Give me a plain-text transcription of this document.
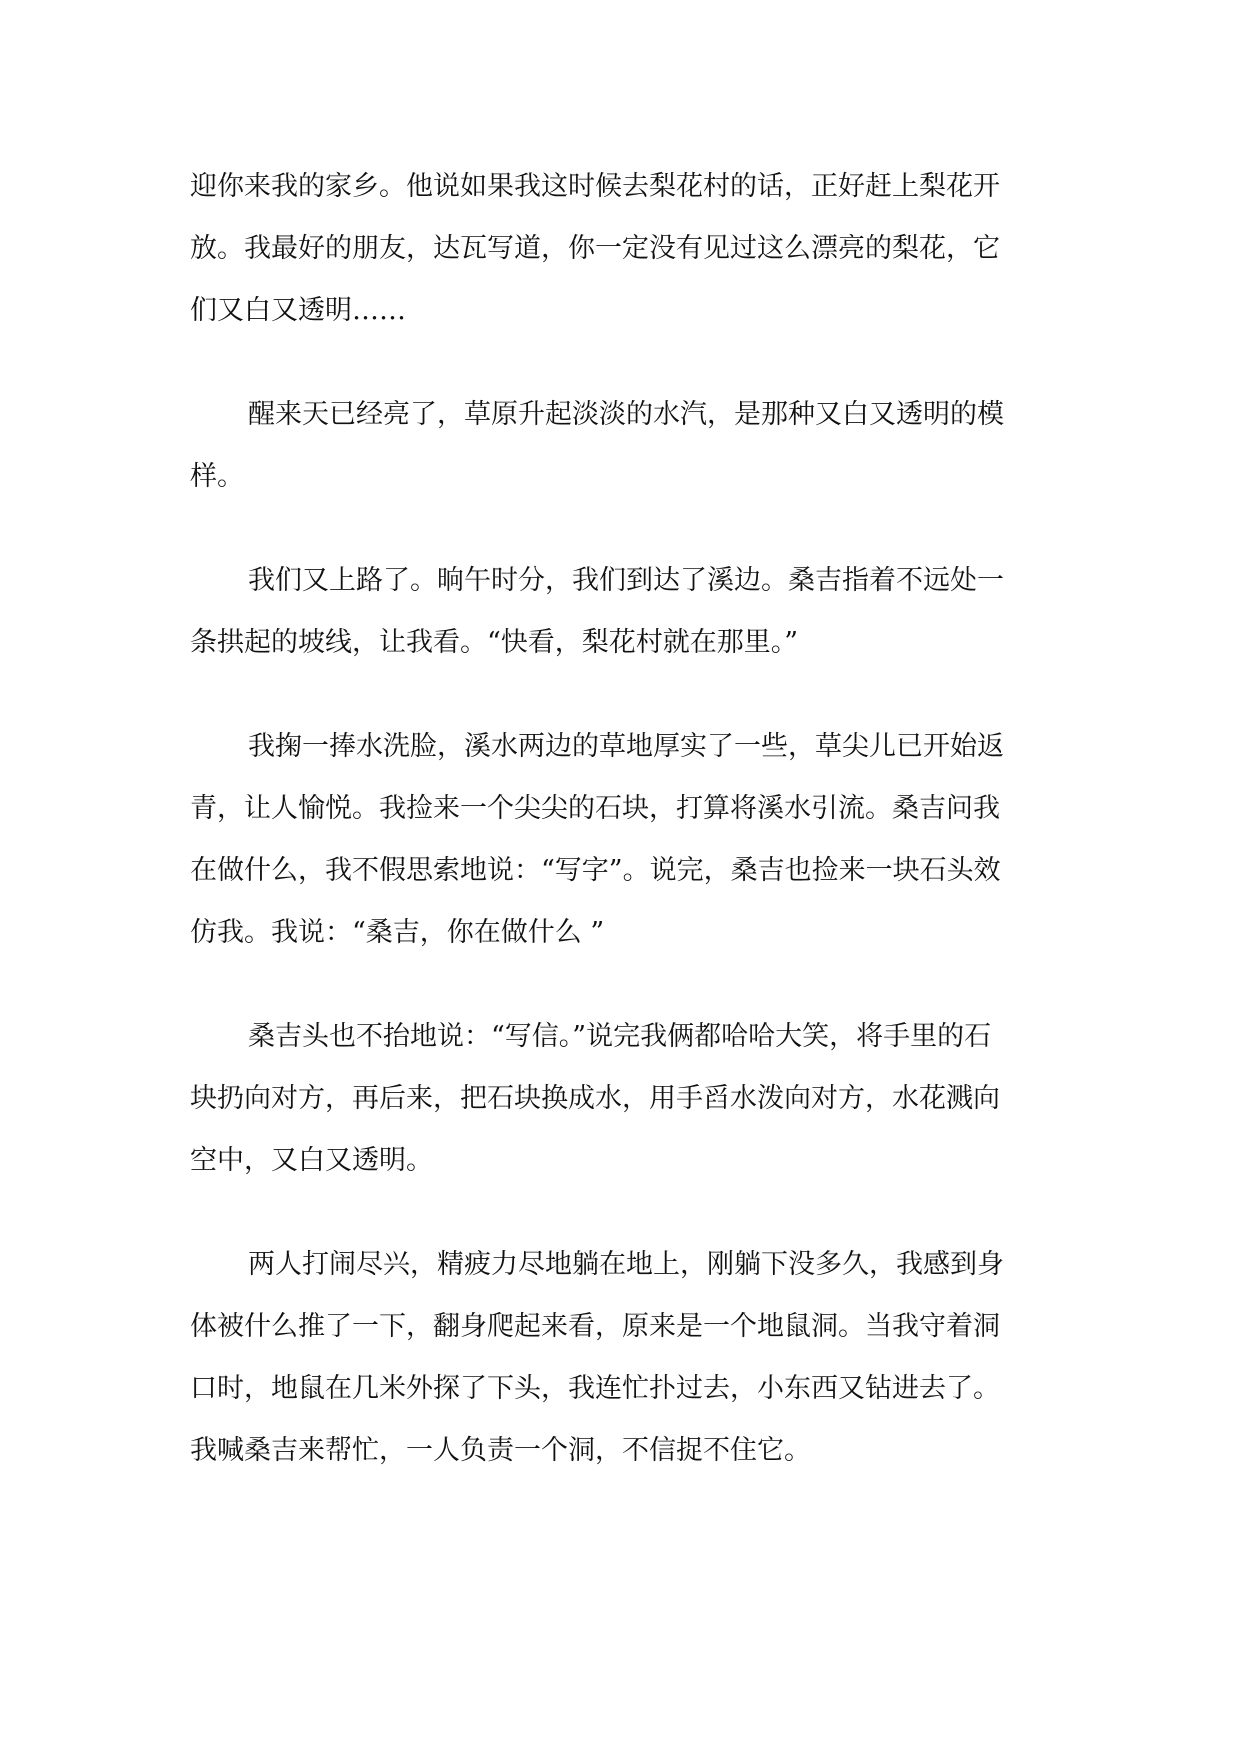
迎你来我的家乡。他说如果我这时候去梨花村的话，正好赶上梨花开
放。我最好的朋友，达瓦写道，你一定没有见过这么漂亮的梨花，它
们又白又透明……
醒来天已经亮了，草原升起淡淡的水汽，是那种又白又透明的模
样。
我们又上路了。晌午时分，我们到达了溪边。桑吉指着不远处一
条拱起的坡线，让我看。“快看，梨花村就在那里。”
我掬一捧水洗脸，溪水两边的草地厚实了一些，草尖儿已开始返
青，让人愉悦。我捡来一个尖尖的石块，打算将溪水引流。桑吉问我
在做什么，我不假思索地说：“写字”。说完，桑吉也捡来一块石头效
仿我。我说：“桑吉，你在做什么 ”
桑吉头也不抬地说：“写信。”说完我俩都哈哈大笑，将手里的石
块扔向对方，再后来，把石块换成水，用手舀水泼向对方，水花溅向
空中，又白又透明。
两人打闹尽兴，精疲力尽地躺在地上，刚躺下没多久，我感到身
体被什么推了一下，翻身爬起来看，原来是一个地鼠洞。当我守着洞
口时，地鼠在几米外探了下头，我连忙扑过去，小东西又钻进去了。
我喊桑吉来帮忙，一人负责一个洞，不信捉不住它。
